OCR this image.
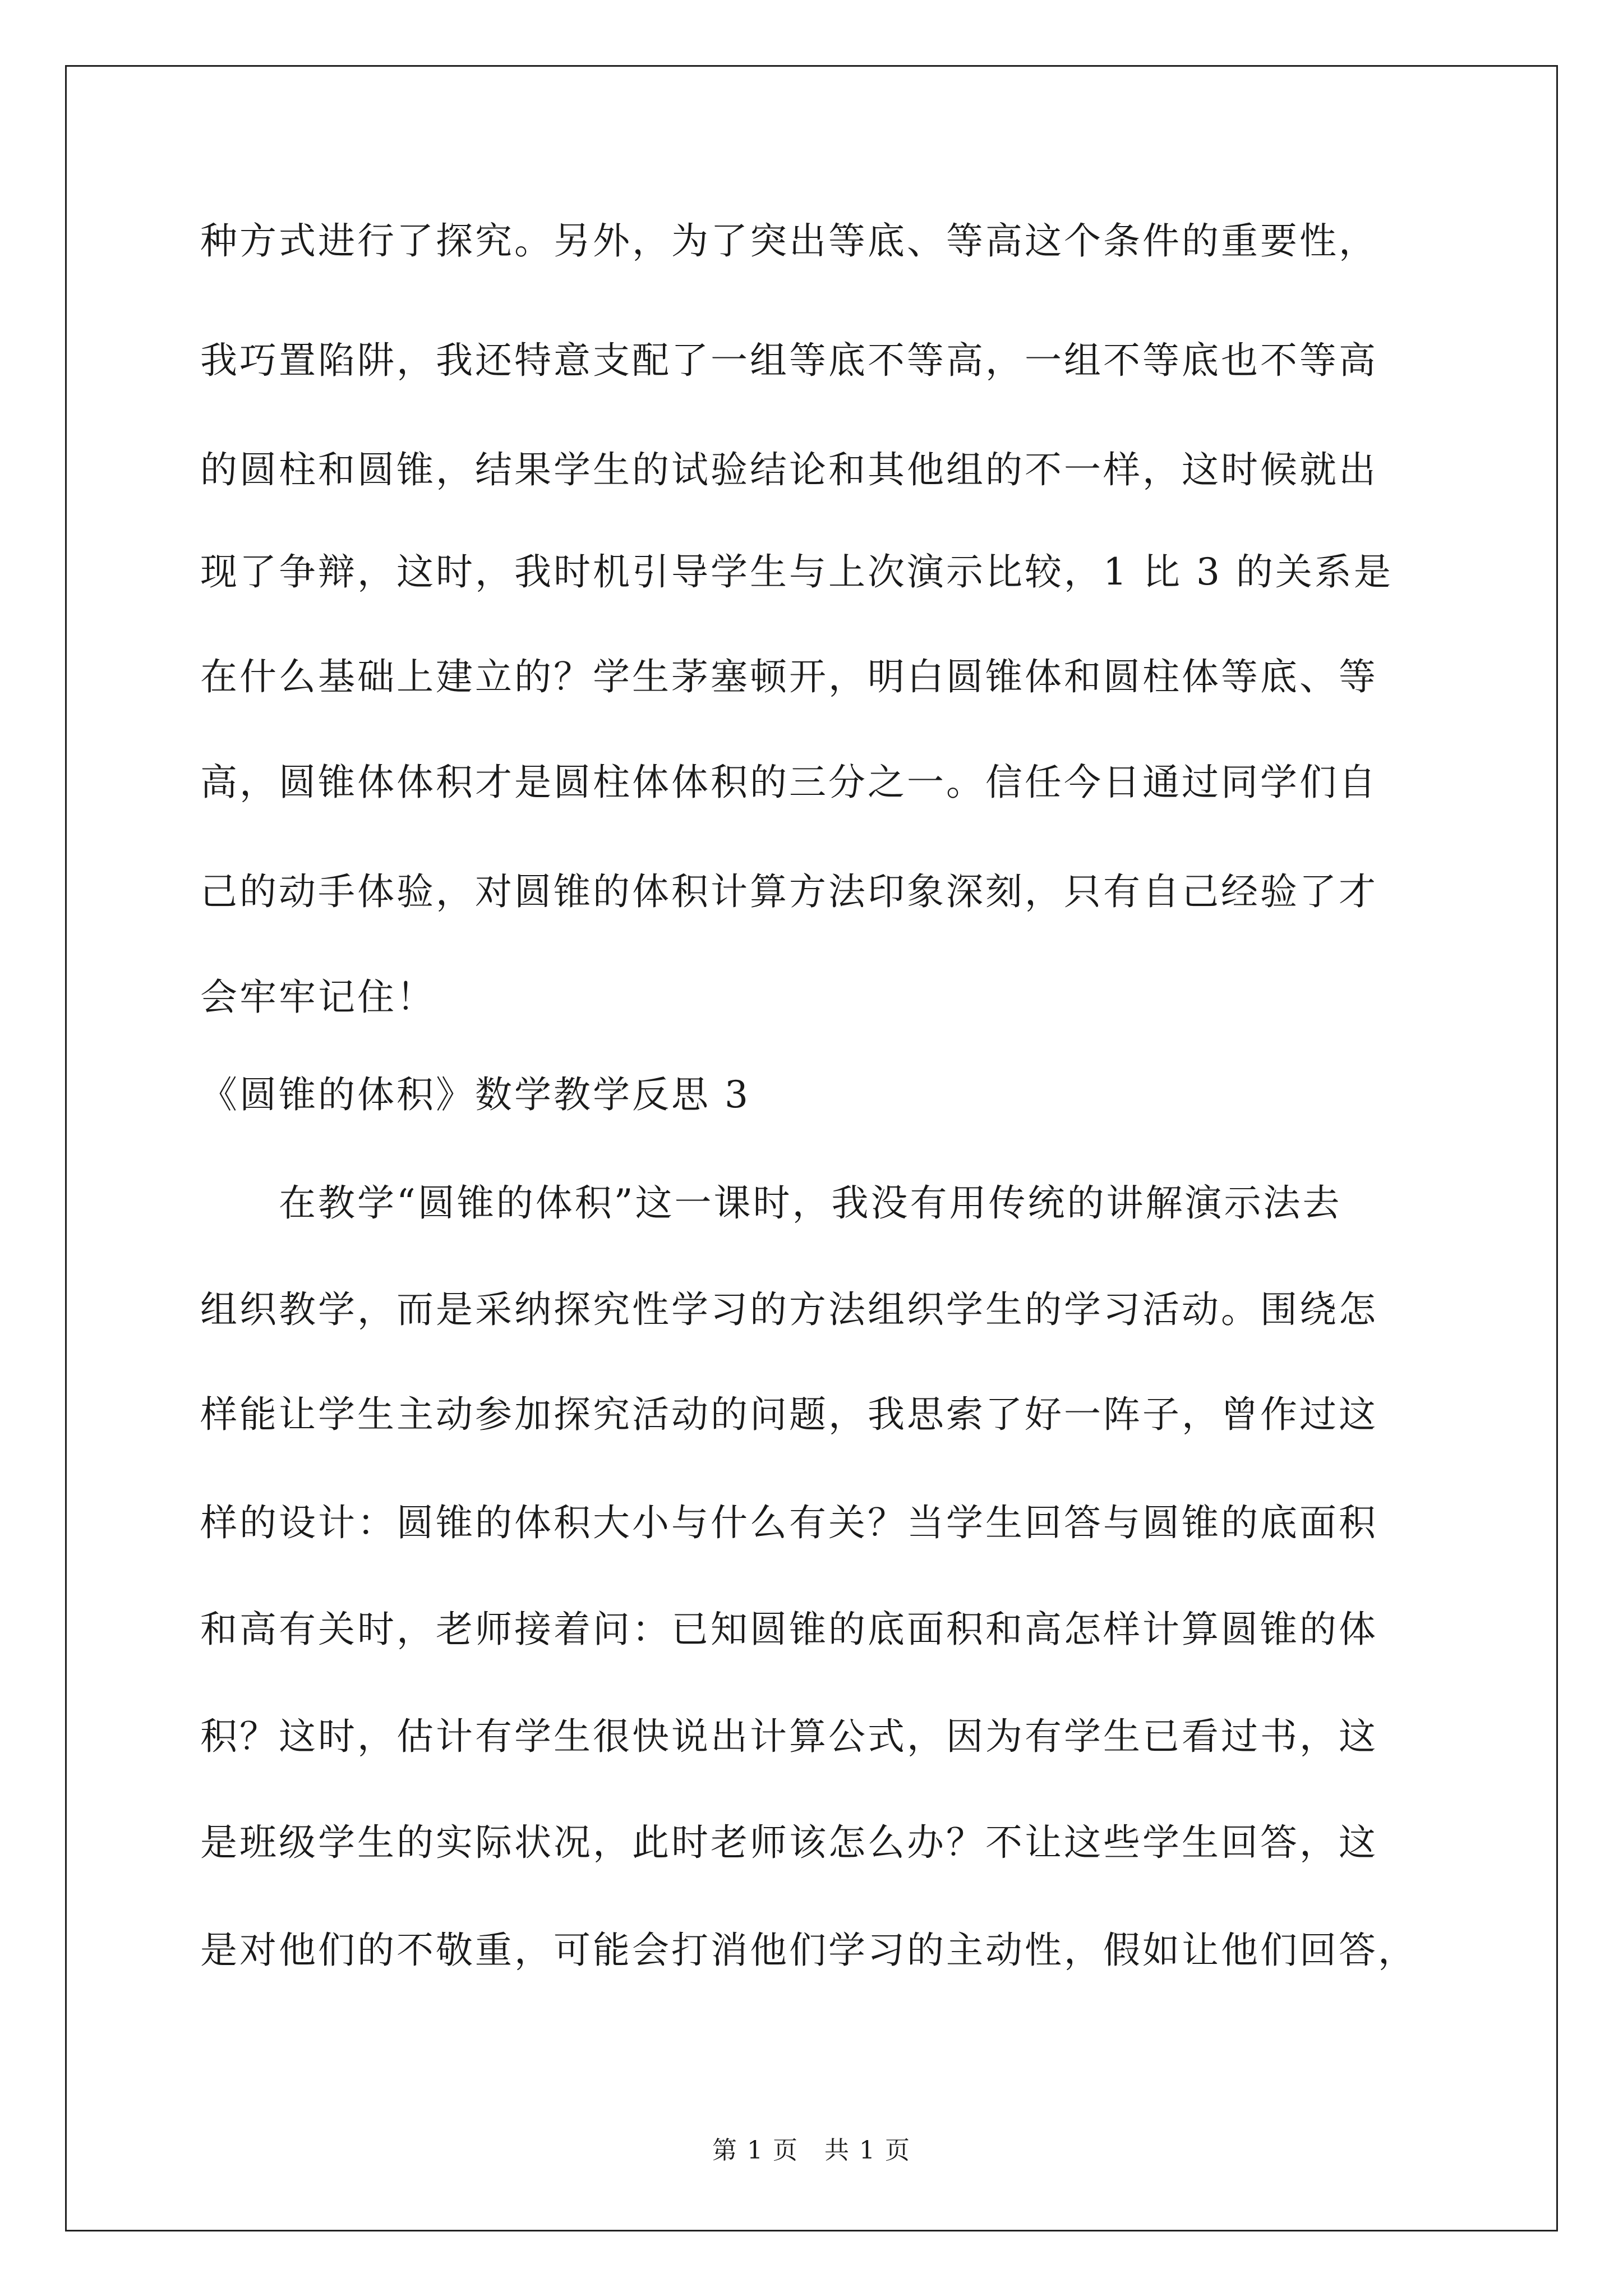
种方式进行了探究。另外，为了突出等底、等高这个条件的重要性，
我巧置陷阱，我还特意支配了一组等底不等高，一组不等底也不等高
的圆柱和圆锥，结果学生的试验结论和其他组的不一样，这时候就出
现了争辩，这时，我时机引导学生与上次演示比较，1 比 3 的关系是
在什么基础上建立的？学生茅塞顿开，明白圆锥体和圆柱体等底、等
高，圆锥体体积才是圆柱体体积的三分之一。信任今日通过同学们自
己的动手体验，对圆锥的体积计算方法印象深刻，只有自己经验了才
会牢牢记住！
《圆锥的体积》数学教学反思 3
　　在教学“圆锥的体积”这一课时，我没有用传统的讲解演示法去
组织教学，而是采纳探究性学习的方法组织学生的学习活动。围绕怎
样能让学生主动参加探究活动的问题，我思索了好一阵子，曾作过这
样的设计：圆锥的体积大小与什么有关？当学生回答与圆锥的底面积
和高有关时，老师接着问：已知圆锥的底面积和高怎样计算圆锥的体
积？这时，估计有学生很快说出计算公式，因为有学生已看过书，这
是班级学生的实际状况，此时老师该怎么办？不让这些学生回答，这
是对他们的不敬重，可能会打消他们学习的主动性，假如让他们回答，
第 1 页　共 1 页
